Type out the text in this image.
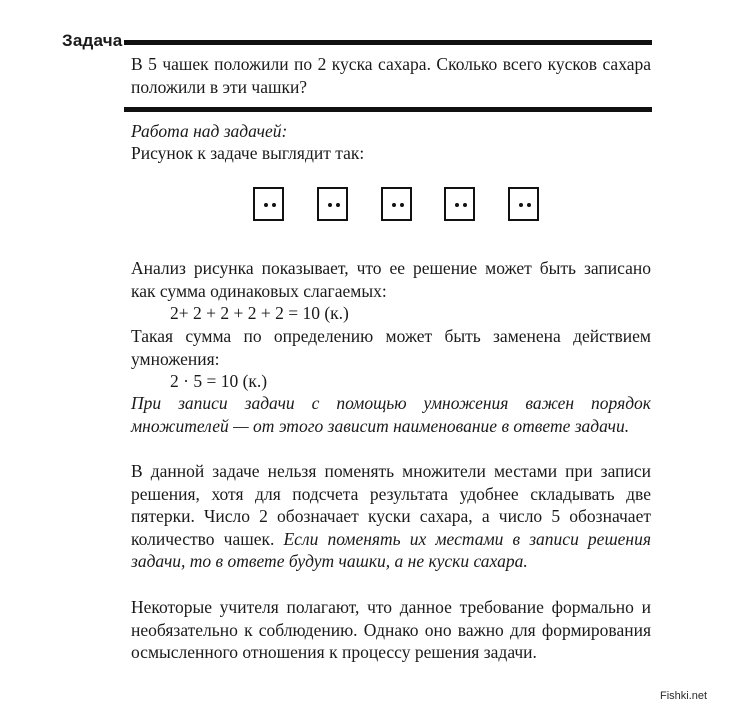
Задача
В 5 чашек положили по 2 куска сахара. Сколько всего кусков сахара положили в эти чашки?
Работа над задачей:
Рисунок к задаче выглядит так:
Анализ рисунка показывает, что ее решение может быть записано как сумма одинаковых слагаемых:
2+ 2 + 2 + 2 + 2 = 10 (к.)
Такая сумма по определению может быть заменена действием умножения:
2 · 5 = 10 (к.)
При записи задачи с помощью умножения важен порядок множителей — от этого зависит наименование в ответе задачи.
В данной задаче нельзя поменять множители местами при записи решения, хотя для подсчета результата удобнее складывать две пятерки. Число 2 обозначает куски сахара, а число 5 обозначает количество чашек. Если поменять их местами в записи решения задачи, то в ответе будут чашки, а не куски сахара.
Некоторые учителя полагают, что данное требование формально и необязательно к соблюдению. Однако оно важно для формирования осмысленного отношения к процессу решения задачи.
Fishki.net
